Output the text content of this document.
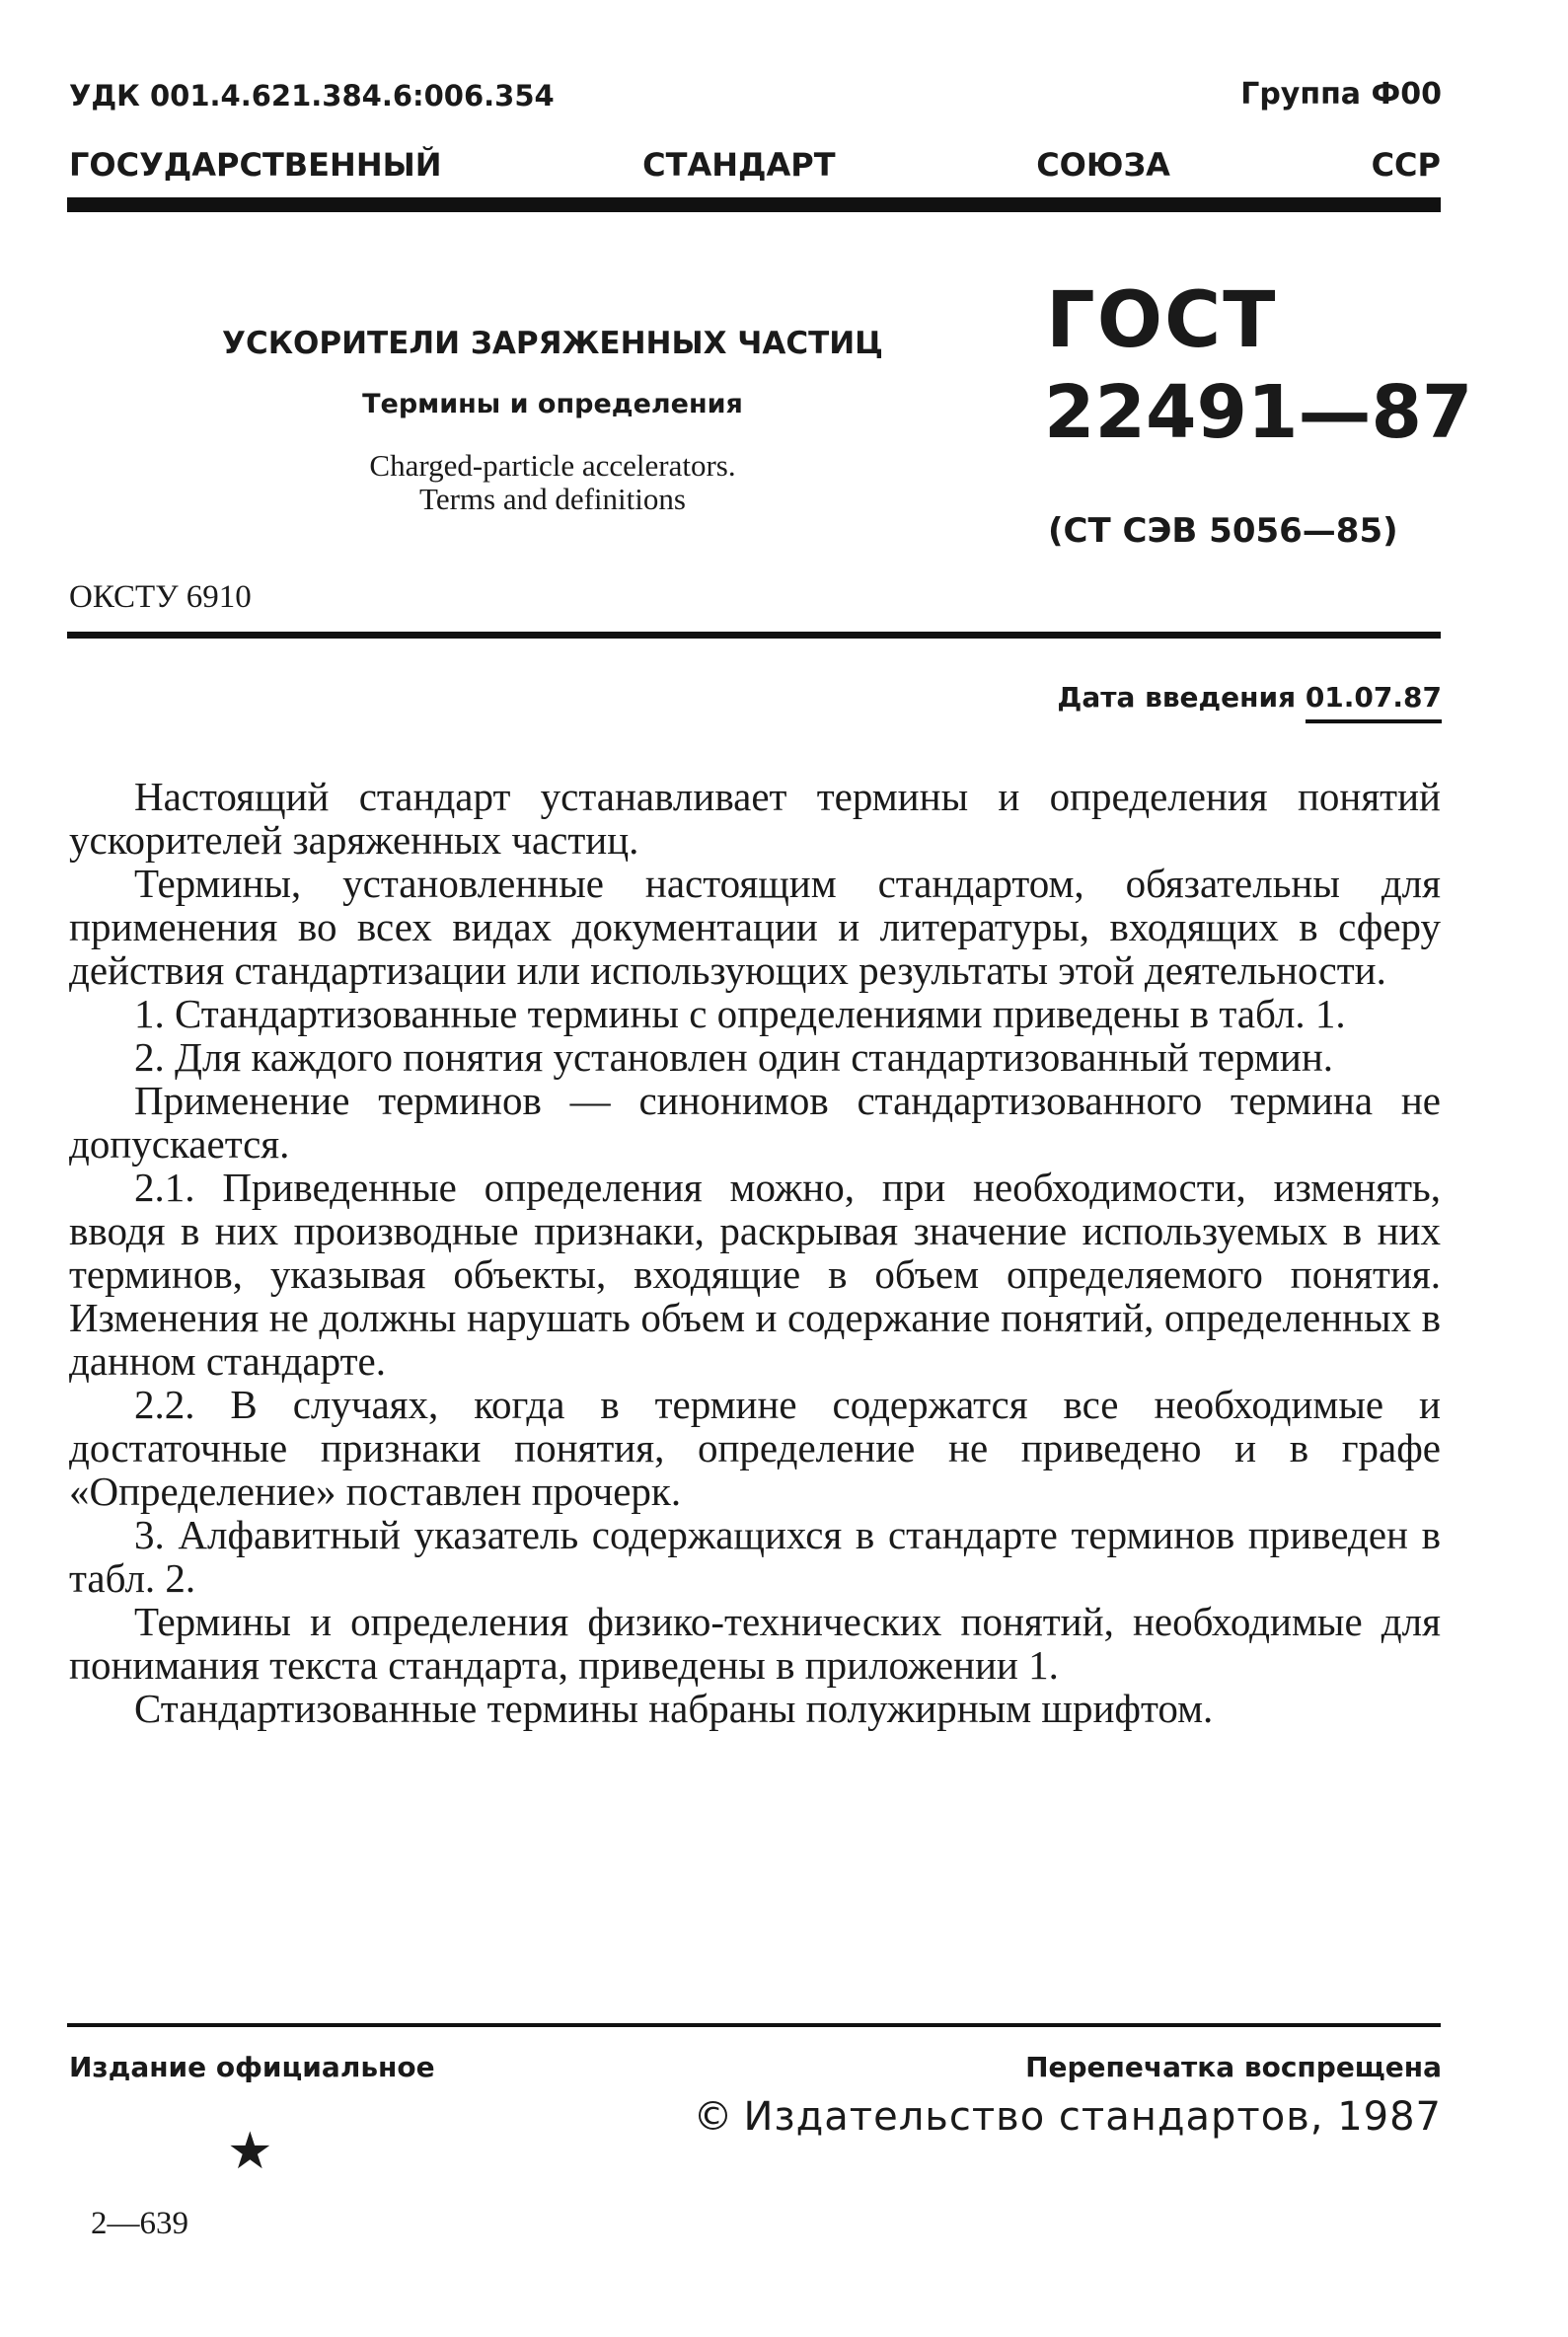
УДК 001.4.621.384.6:006.354	Группа Ф00
ГОСУДАРСТВЕННЫЙ	СТАНДАРТ	СОЮЗА	ССР
УСКОРИТЕЛИ ЗАРЯЖЕННЫХ ЧАСТИЦ
Термины и определения
Charged-particle accelerators.
Terms and definitions
ГОСТ
22491—87
(СТ СЭВ 5056—85)
ОКСТУ 6910
Дата введения 01.07.87

Настоящий стандарт устанавливает термины и определения понятий ускорителей заряженных частиц.

Термины, установленные настоящим стандартом, обязательны для применения во всех видах документации и литературы, входящих в сферу действия стандартизации или использующих результаты этой деятельности.

1. Стандартизованные термины с определениями приведены в табл. 1.

2. Для каждого понятия установлен один стандартизованный термин.

Применение терминов — синонимов стандартизованного термина не допускается.

2.1. Приведенные определения можно, при необходимости, изменять, вводя в них производные признаки, раскрывая значение используемых в них терминов, указывая объекты, входящие в объем определяемого понятия. Изменения не должны нарушать объем и содержание понятий, определенных в данном стандарте.

2.2. В случаях, когда в термине содержатся все необходимые и достаточные признаки понятия, определение не приведено и в графе «Определение» поставлен прочерк.

3. Алфавитный указатель содержащихся в стандарте терминов приведен в табл. 2.

Термины и определения физико-технических понятий, необходимые для понимания текста стандарта, приведены в приложении 1.

Стандартизованные термины набраны полужирным шрифтом.

Издание официальное	Перепечатка воспрещена
© Издательство стандартов, 1987
★
2—639
